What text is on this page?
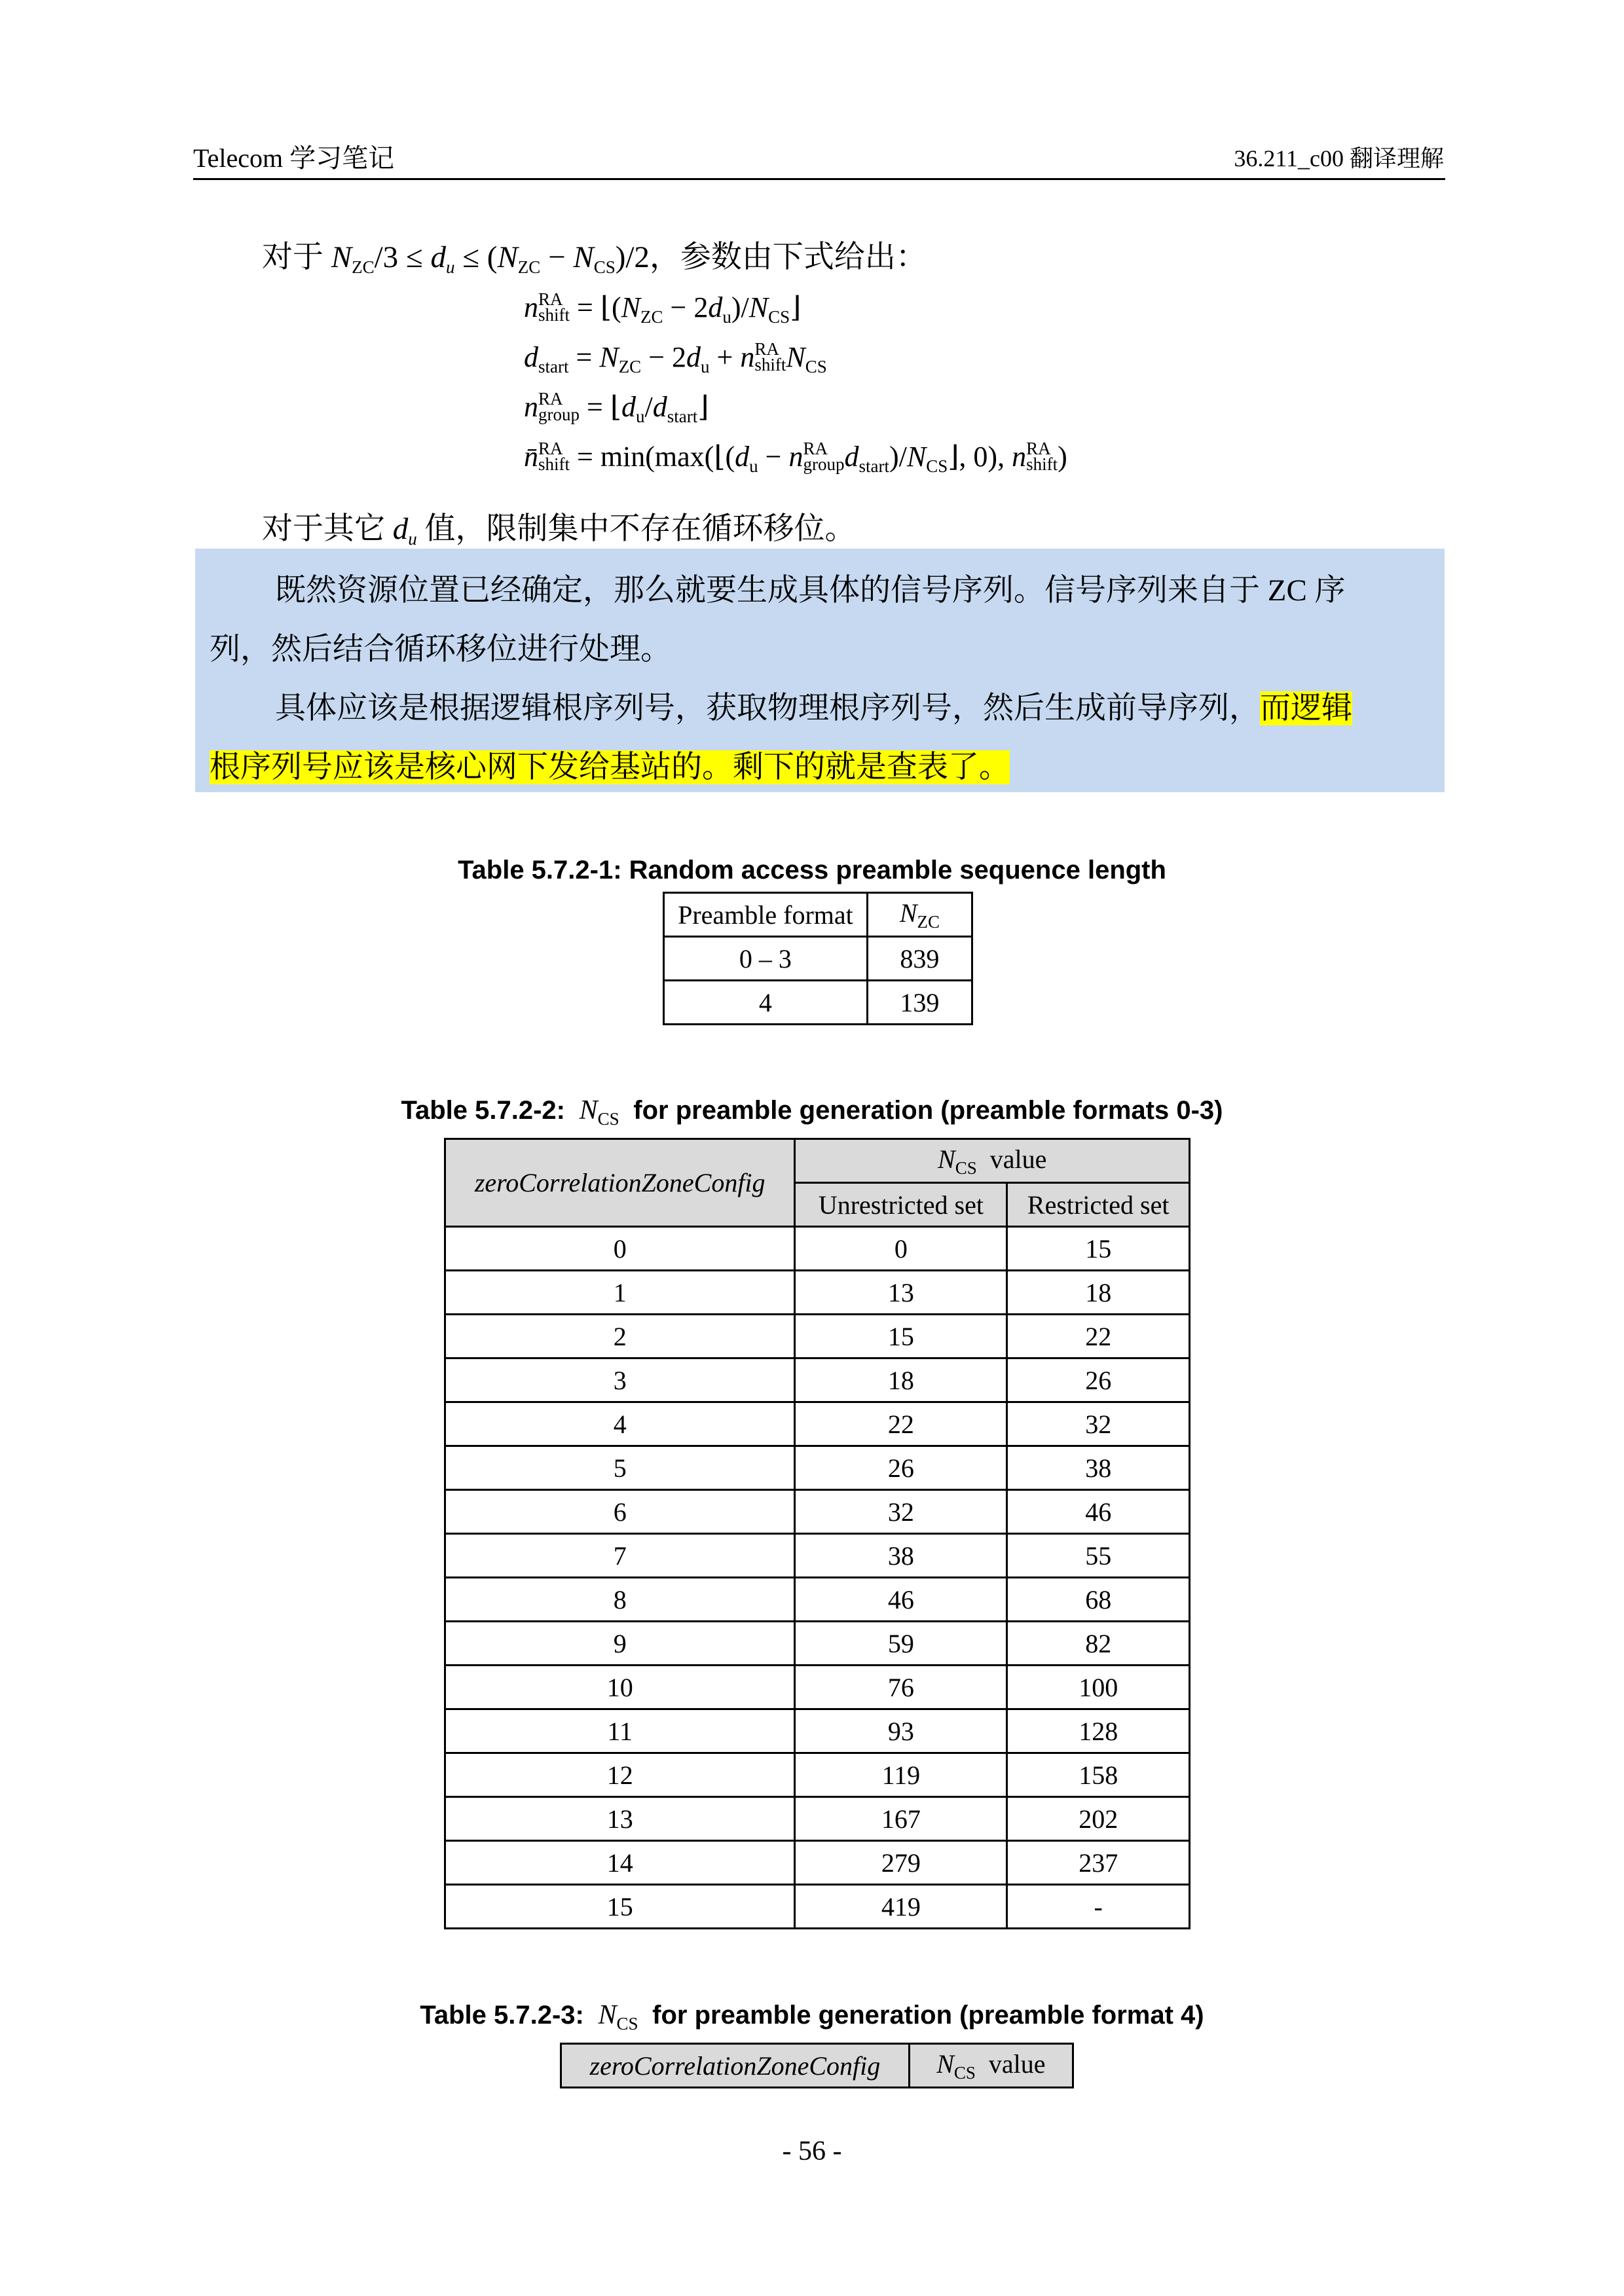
Telecom 学习笔记	36.211_c00 翻译理解
对于 $N_{ZC}/3 \le d_u \le (N_{ZC} - N_{CS})/2$，参数由下式给出：
n RA
shift = $⌊(N_{ZC}$ − $2d_u)/N_{CS}⌋$
$d_{start} = N_{ZC} - 2d_u + n$ RA
shift $N_{CS}$
n RA
group = $⌊d_u/d_{start}⌋$
n̄ RA
shift = $\min(\max(⌊(d_u - n$ RA
group $d_{start})/N_{CS}⌋$, 0), n RA
shift )
对于其它 $d_u$ 值，限制集中不存在循环移位。

既然资源位置已经确定，那么就要生成具体的信号序列。信号序列来自于 ZC 序

列，然后结合循环移位进行处理。

具体应该是根据逻辑根序列号，获取物理根序列号，然后生成前导序列，而逻辑

根序列号应该是核心网下发给基站的。剩下的就是查表了。

Table 5.7.2-1: Random access preamble sequence length
Preamble format	$N_{ZC}$
0 – 3	839
4	139
Table 5.7.2-2:  $N_{CS}$ for preamble generation (preamble formats 0-3)
zeroCorrelationZoneConfig	$N_{CS}$ value	
	Unrestricted set	Restricted set
0	0	15
1	13	18
2	15	22
3	18	26
4	22	32
5	26	38
6	32	46
7	38	55
8	46	68
9	59	82
10	76	100
11	93	128
12	119	158
13	167	202
14	279	237
15	419	-
Table 5.7.2-3:  $N_{CS}$ for preamble generation (preamble format 4)
zeroCorrelationZoneConfig	$N_{CS}$ value
- 56 -
